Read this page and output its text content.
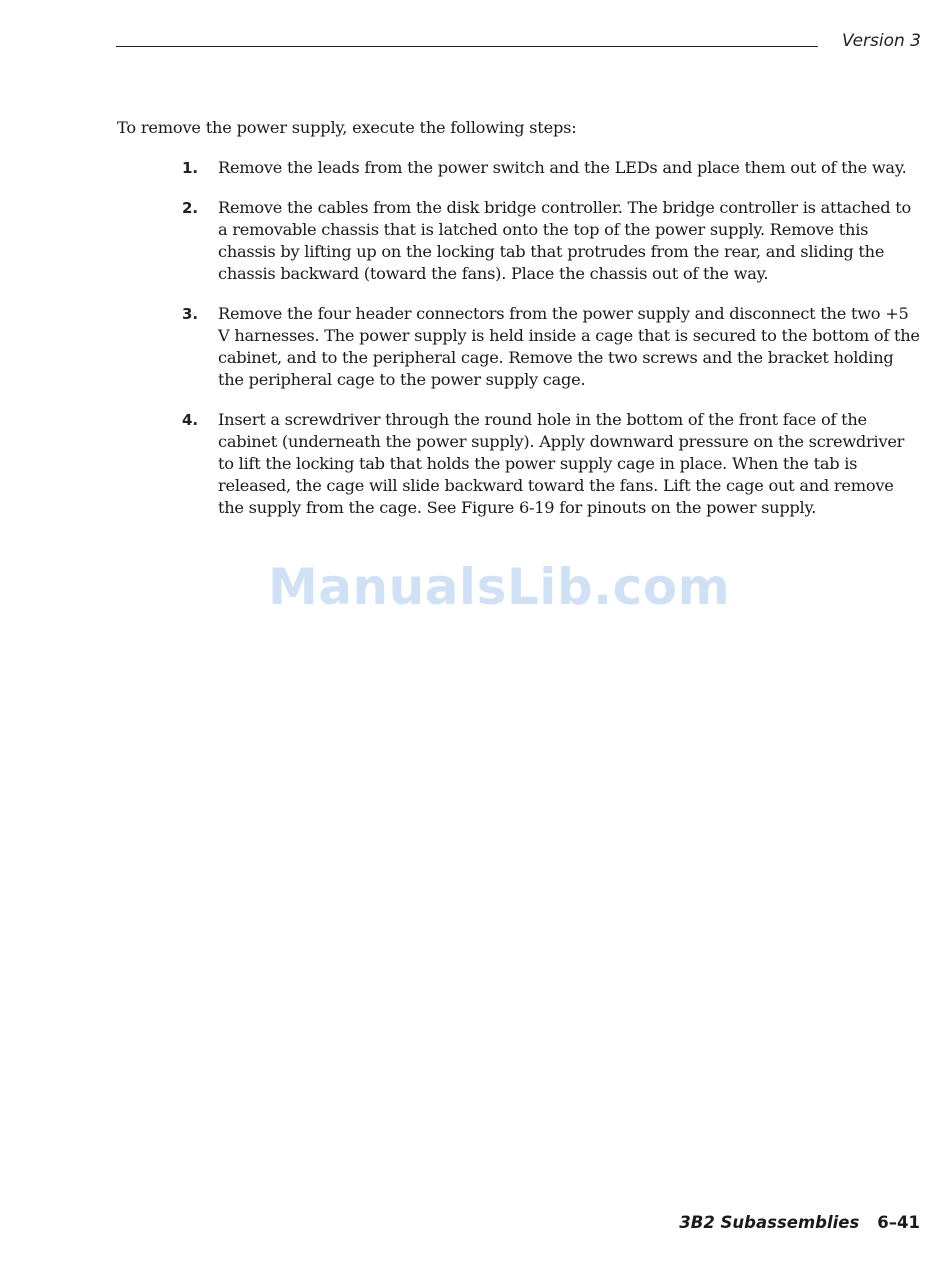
Version 3

To remove the power supply, execute the following steps:

1.	Remove the leads from the power switch and the LEDs and place them out of the way.

2.	Remove the cables from the disk bridge controller. The bridge controller is attached to a removable chassis that is latched onto the top of the power supply. Remove this chassis by lifting up on the locking tab that protrudes from the rear, and sliding the chassis backward (toward the fans). Place the chassis out of the way.

3.	Remove the four header connectors from the power supply and disconnect the two +5 V harnesses. The power supply is held inside a cage that is secured to the bottom of the cabinet, and to the peripheral cage. Remove the two screws and the bracket holding the peripheral cage to the power supply cage.

4.	Insert a screwdriver through the round hole in the bottom of the front face of the cabinet (underneath the power supply). Apply downward pressure on the screwdriver to lift the locking tab that holds the power supply cage in place. When the tab is released, the cage will slide backward toward the fans. Lift the cage out and remove the supply from the cage. See Figure 6-19 for pinouts on the power supply.

ManualsLib.com
3B2 Subassemblies 6–41
